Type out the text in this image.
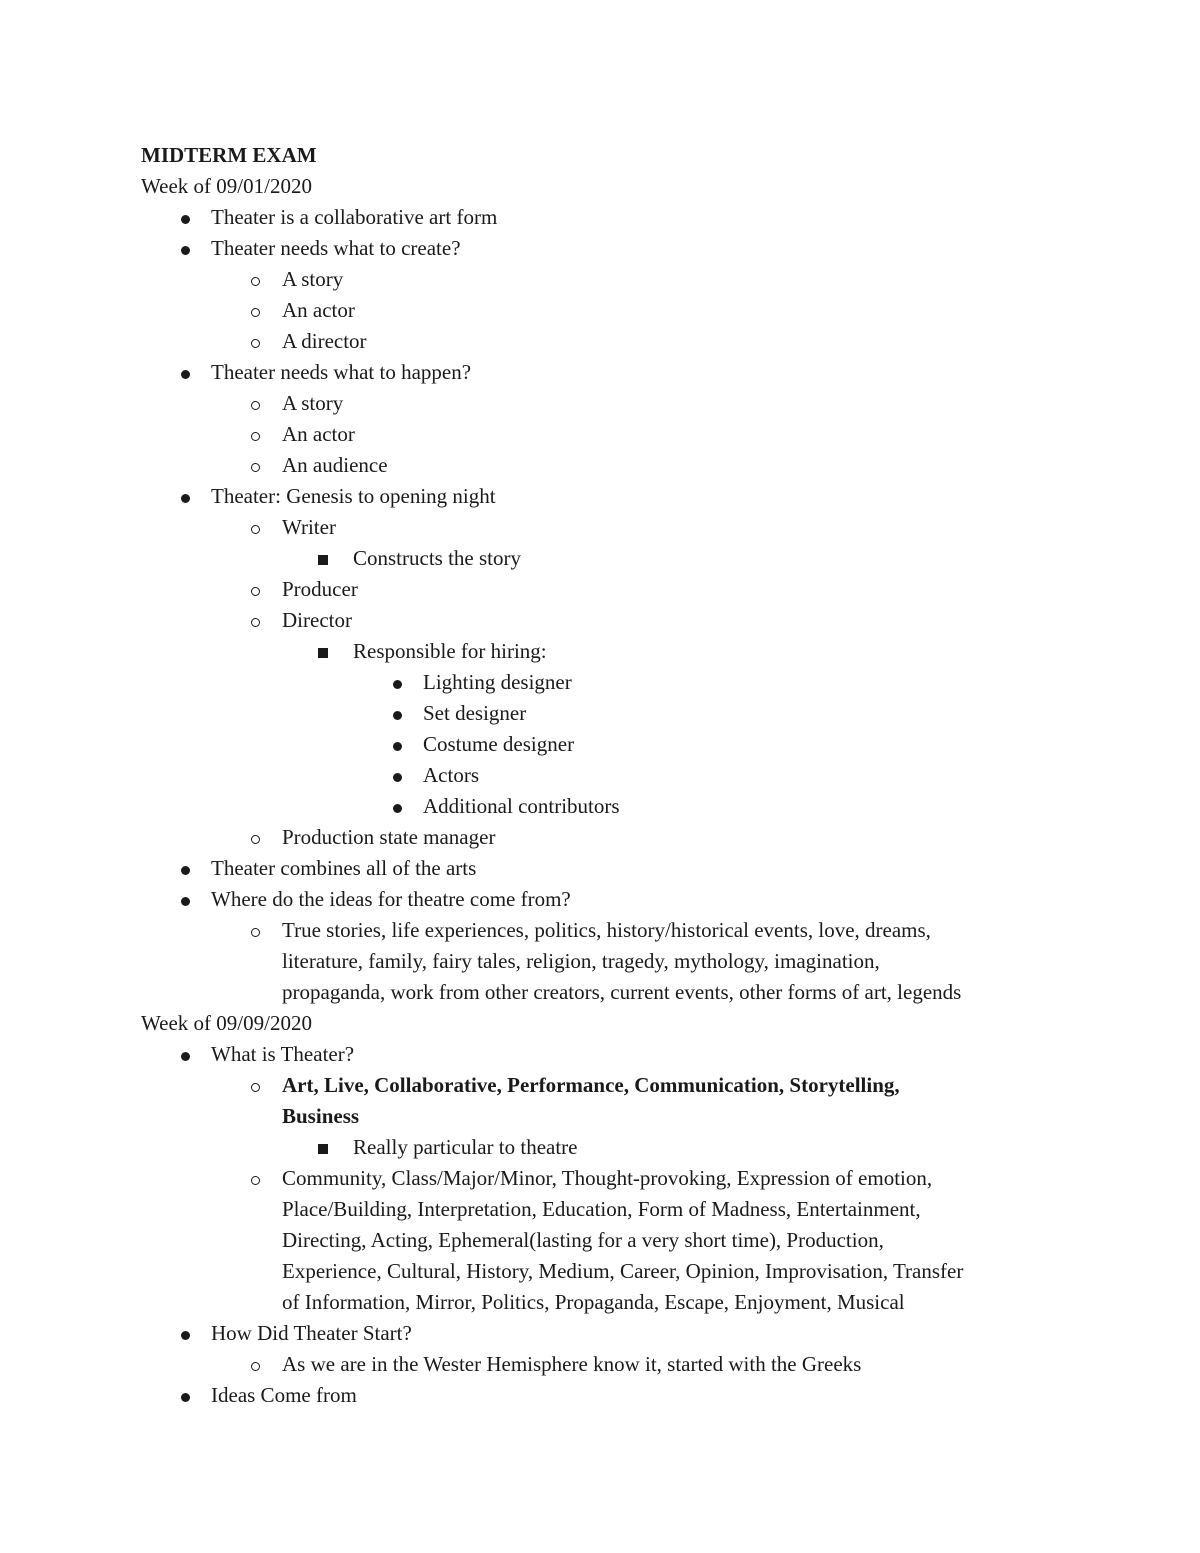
MIDTERM EXAM
Week of 09/01/2020
Theater is a collaborative art form
Theater needs what to create?
A story
An actor
A director
Theater needs what to happen?
A story
An actor
An audience
Theater: Genesis to opening night
Writer
Constructs the story
Producer
Director
Responsible for hiring:
Lighting designer
Set designer
Costume designer
Actors
Additional contributors
Production state manager
Theater combines all of the arts
Where do the ideas for theatre come from?
True stories, life experiences, politics, history/historical events, love, dreams,
literature, family, fairy tales, religion, tragedy, mythology, imagination,
propaganda, work from other creators, current events, other forms of art, legends
Week of 09/09/2020
What is Theater?
Art, Live, Collaborative, Performance, Communication, Storytelling,
Business
Really particular to theatre
Community, Class/Major/Minor, Thought-provoking, Expression of emotion,
Place/Building, Interpretation, Education, Form of Madness, Entertainment,
Directing, Acting, Ephemeral(lasting for a very short time), Production,
Experience, Cultural, History, Medium, Career, Opinion, Improvisation, Transfer
of Information, Mirror, Politics, Propaganda, Escape, Enjoyment, Musical
How Did Theater Start?
As we are in the Wester Hemisphere know it, started with the Greeks
Ideas Come from
